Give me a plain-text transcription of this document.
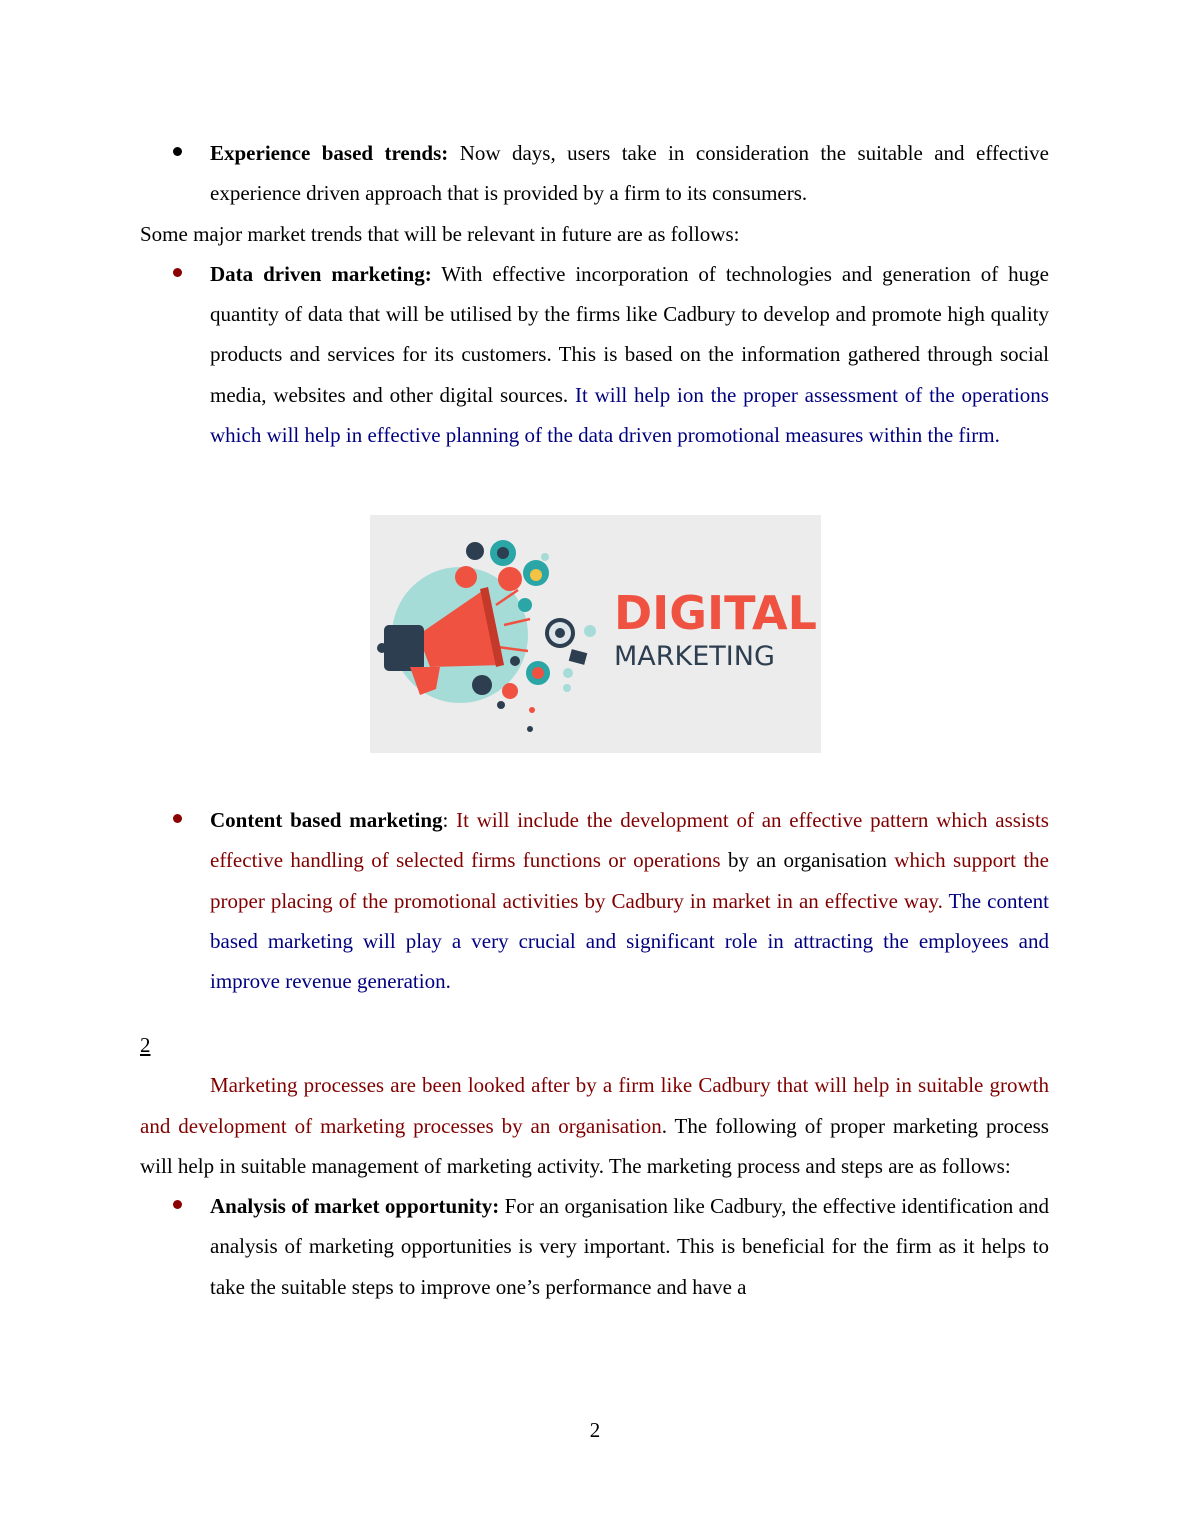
Experience based trends: Now days, users take in consideration the suitable and effective experience driven approach that is provided by a firm to its consumers.

Some major market trends that will be relevant in future are as follows:

Data driven marketing: With effective incorporation of technologies and generation of huge quantity of data that will be utilised by the firms like Cadbury to develop and promote high quality products and services for its customers. This is based on the information gathered through social media, websites and other digital sources. It will help ion the proper assessment of the operations which will help in effective planning of the data driven promotional measures within the firm.

DIGITAL
MARKETING

Content based marketing: It will include the development of an effective pattern which assists effective handling of selected firms functions or operations by an organisation which support the proper placing of the promotional activities by Cadbury in market in an effective way. The content based marketing will play a very crucial and significant role in attracting the employees and improve revenue generation.

2

Marketing processes are been looked after by a firm like Cadbury that will help in suitable growth and development of marketing processes by an organisation. The following of proper marketing process will help in suitable management of marketing activity. The marketing process and steps are as follows:

Analysis of market opportunity: For an organisation like Cadbury, the effective identification and analysis of marketing opportunities is very important. This is beneficial for the firm as it helps to take the suitable steps to improve one’s performance and have a

2
